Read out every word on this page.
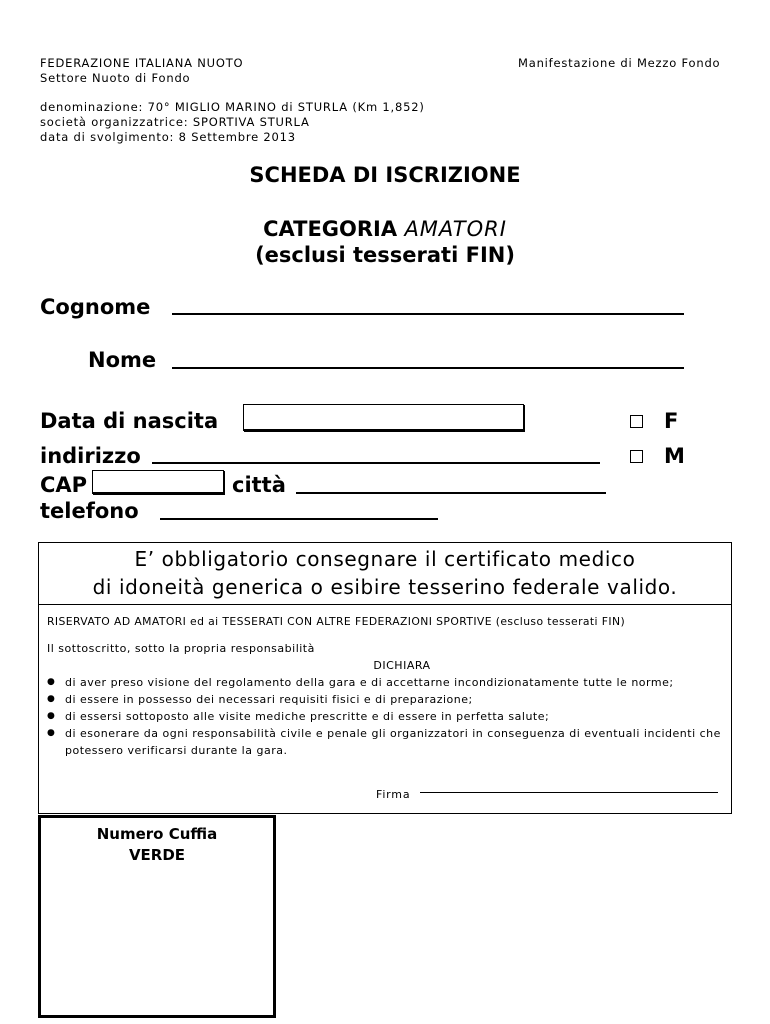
FEDERAZIONE ITALIANA NUOTO
Settore Nuoto di Fondo
Manifestazione di Mezzo Fondo
denominazione: 70° MIGLIO MARINO di STURLA (Km 1,852)
società organizzatrice: SPORTIVA STURLA
data di svolgimento: 8 Settembre 2013
SCHEDA DI ISCRIZIONE
CATEGORIA AMATORI
(esclusi tesserati FIN)
Cognome
Nome
Data di nascita	F
M
indirizzo
CAP	città
telefono
E’ obbligatorio consegnare il certificato medico
di idoneità generica o esibire tesserino federale valido.
RISERVATO AD AMATORI ed ai TESSERATI CON ALTRE FEDERAZIONI SPORTIVE (escluso tesserati FIN)
Il sottoscritto, sotto la propria responsabilità
DICHIARA
● di aver preso visione del regolamento della gara e di accettarne incondizionatamente tutte le norme;
● di essere in possesso dei necessari requisiti fisici e di preparazione;
● di essersi sottoposto alle visite mediche prescritte e di essere in perfetta salute;
● di esonerare da ogni responsabilità civile e penale gli organizzatori in conseguenza di eventuali incidenti che potessero verificarsi durante la gara.
Firma
Numero Cuffia
VERDE
